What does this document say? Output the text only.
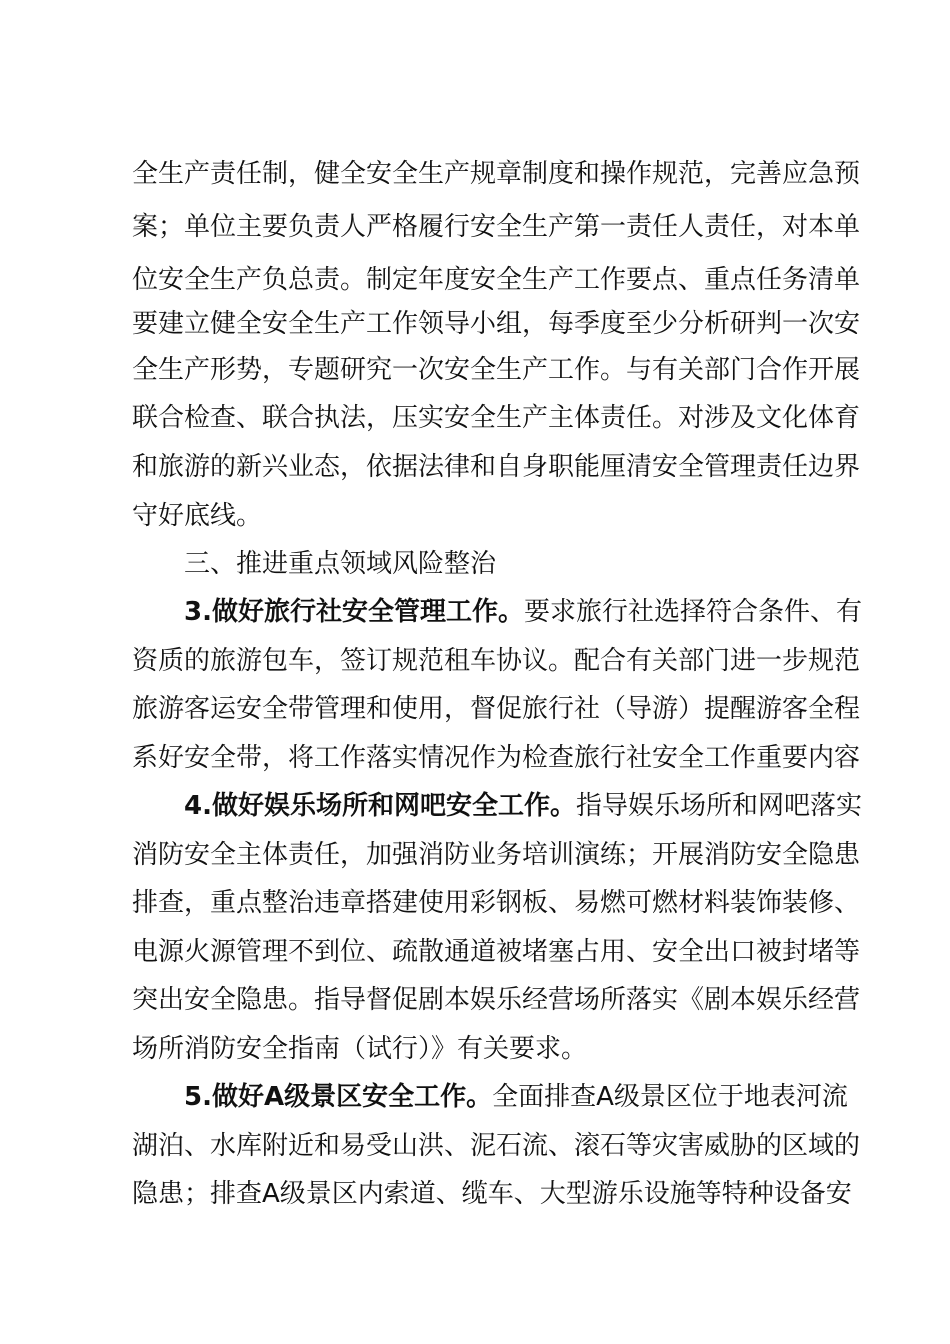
全生产责任制，健全安全生产规章制度和操作规范，完善应急预
案；单位主要负责人严格履行安全生产第一责任人责任，对本单
位安全生产负总责。制定年度安全生产工作要点、重点任务清单
要建立健全安全生产工作领导小组，每季度至少分析研判一次安
全生产形势，专题研究一次安全生产工作。与有关部门合作开展
联合检查、联合执法，压实安全生产主体责任。对涉及文化体育
和旅游的新兴业态，依据法律和自身职能厘清安全管理责任边界
守好底线。
三、推进重点领域风险整治
3.做好旅行社安全管理工作。要求旅行社选择符合条件、有
资质的旅游包车，签订规范租车协议。配合有关部门进一步规范
旅游客运安全带管理和使用，督促旅行社（导游）提醒游客全程
系好安全带，将工作落实情况作为检查旅行社安全工作重要内容
4.做好娱乐场所和网吧安全工作。指导娱乐场所和网吧落实
消防安全主体责任，加强消防业务培训演练；开展消防安全隐患
排查，重点整治违章搭建使用彩钢板、易燃可燃材料装饰装修、
电源火源管理不到位、疏散通道被堵塞占用、安全出口被封堵等
突出安全隐患。指导督促剧本娱乐经营场所落实《剧本娱乐经营
场所消防安全指南（试行）》有关要求。
5.做好A级景区安全工作。全面排查A级景区位于地表河流
湖泊、水库附近和易受山洪、泥石流、滚石等灾害威胁的区域的
隐患；排查A级景区内索道、缆车、大型游乐设施等特种设备安
